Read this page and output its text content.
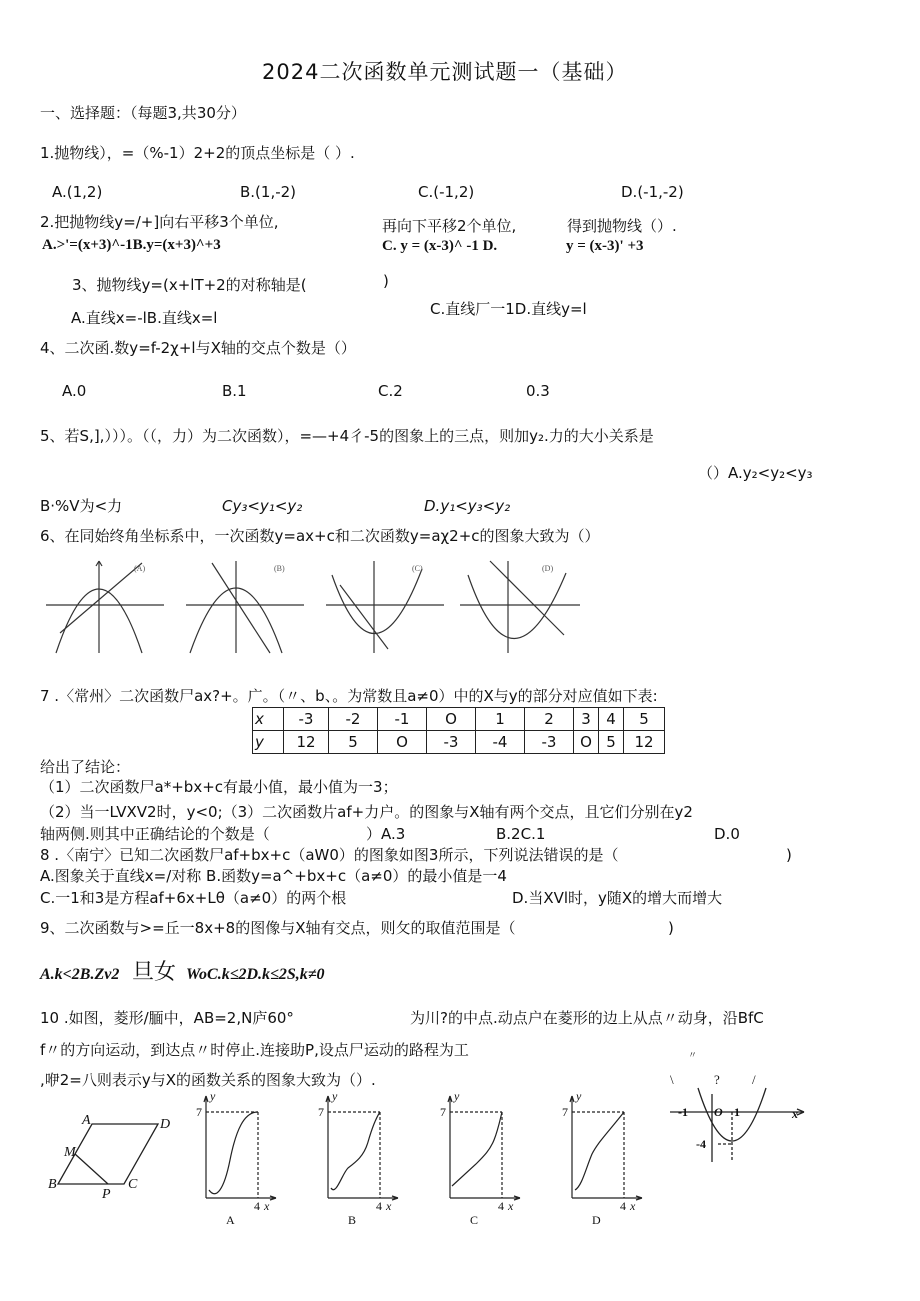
2024二次函数单元测试题一（基础）
一、选择题：（每题3,共30分）
1.抛物线），=（%-1）2+2的顶点坐标是（ ）.
A.(1,2)	B.(1,-2)	C.(-1,2)	D.(-1,-2)
2.把抛物线y=/+]向右平移3个单位,	再向下平移2个单位,	得到抛物线（）.
A.>'=(x+3)^-1B.y=(x+3)^+3	C. y = (x-3)^ -1 D.	y = (x-3)' +3
3、抛物线y=(x+lT+2的对称轴是(	)
A.直线x=-lB.直线x=l	C.直线厂一1D.直线y=l
4、二次函.数y=f-2χ+l与X轴的交点个数是（）
A.0	B.1	C.2	0.3
5、若S,],）））。（（，力）为二次函数），=—+4彳-5的图象上的三点，则加y₂.力的大小关系是
（）A.y₂<y₂<y₃
B·%V为<力	Cy₃<y₁<y₂	D.y₁<y₃<y₂
6、在同始终角坐标系中，一次函数y=ax+c和二次函数y=aχ2+c的图象大致为（）
(A)	(B)	(C)	(D)
7 .〈常州〉二次函数尸ax?+。广。（〃、b、。为常数且a≠0）中的X与y的部分对应值如下表:
x	-3	-2	-1	O	1	2	3	4	5
y	12	5	O	-3	-4	-3	O	5	12
给出了结论：
（1）二次函数尸a*+bx+c有最小值，最小值为一3；
（2）当一LVXV2时，y<0;（3）二次函数片af+力户。的图象与X轴有两个交点，且它们分别在y2
轴两侧.则其中正确结论的个数是（	）A.3	B.2C.1	D.0
8 .〈南宁〉已知二次函数尸af+bx+c（aW0）的图象如图3所示，下列说法错误的是（	)
A.图象关于直线x=/对称 B.函数y=a^+bx+c（a≠0）的最小值是一4
C.一1和3是方程af+6x+Lθ（a≠0）的两个根	D.当XVl时，y随X的增大而增大
9、二次函数与>=丘一8x+8的图像与X轴有交点，则攵的取值范围是（	)
A.k<2B.Zv2 旦女 WoC.k≤2D.k≤2S,k≠0
10 .如图，菱形/腼中，AB=2,N庐60°	为川?的中点.动点户在菱形的边上从点〃动身，沿BfC
f〃的方向运动，到达点〃时停止.连接助P,设点尸运动的路程为工
,咿2=八则表示y与X的函数关系的图象大致为（）.
-1 O 1
-4
x
\	? /
〃
A	D
M
B
P
C
y
7
4 x
A
y
7
4 x
B
y
7
4 x
C
y
7
4 x
D
